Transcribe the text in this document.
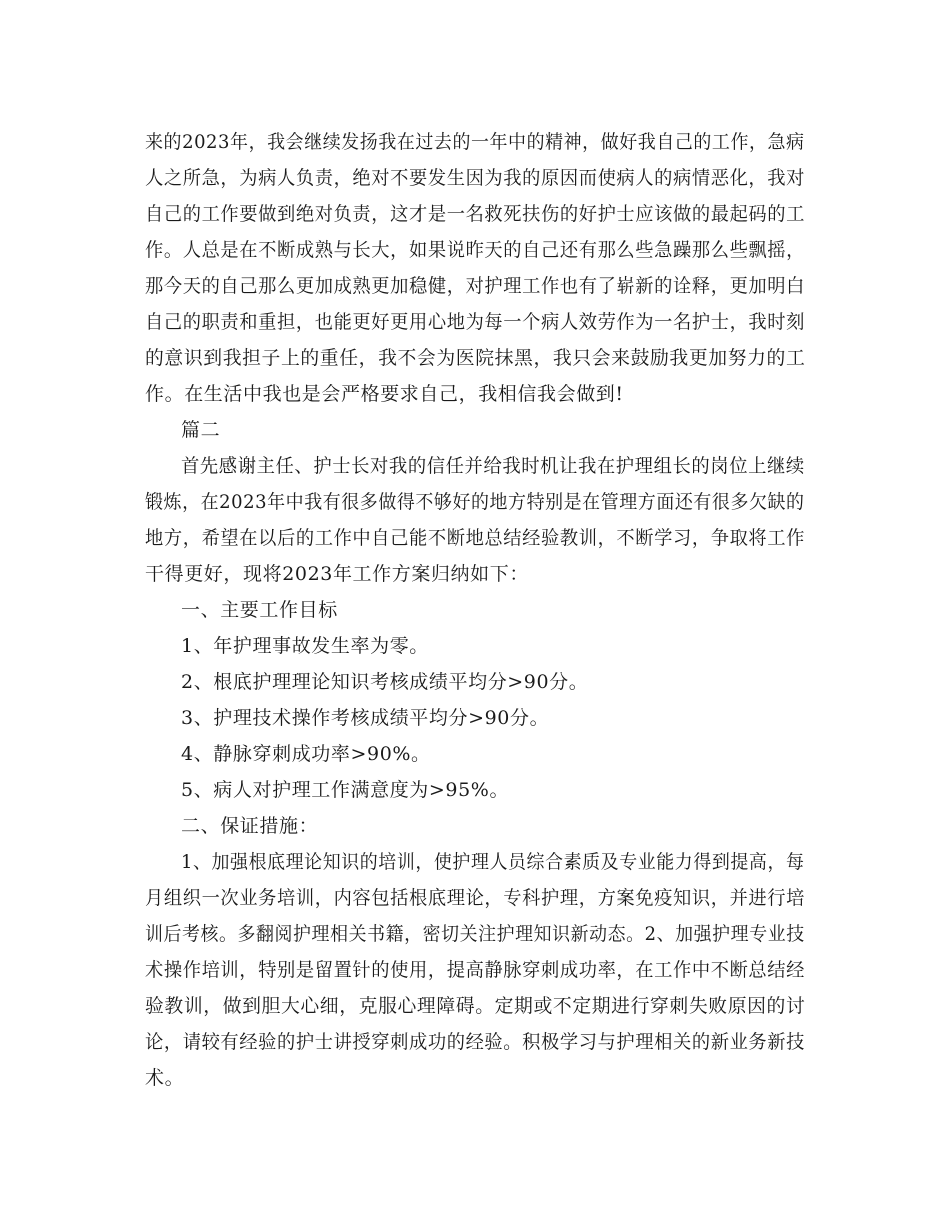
来的2023年，我会继续发扬我在过去的一年中的精神，做好我自己的工作，急病
人之所急，为病人负责，绝对不要发生因为我的原因而使病人的病情恶化，我对
自己的工作要做到绝对负责，这才是一名救死扶伤的好护士应该做的最起码的工
作。人总是在不断成熟与长大，如果说昨天的自己还有那么些急躁那么些飘摇，
那今天的自己那么更加成熟更加稳健，对护理工作也有了崭新的诠释，更加明白
自己的职责和重担，也能更好更用心地为每一个病人效劳作为一名护士，我时刻
的意识到我担子上的重任，我不会为医院抹黑，我只会来鼓励我更加努力的工
作。在生活中我也是会严格要求自己，我相信我会做到!
篇二
首先感谢主任、护士长对我的信任并给我时机让我在护理组长的岗位上继续
锻炼，在2023年中我有很多做得不够好的地方特别是在管理方面还有很多欠缺的
地方，希望在以后的工作中自己能不断地总结经验教训，不断学习，争取将工作
干得更好，现将2023年工作方案归纳如下：
一、主要工作目标
1、年护理事故发生率为零。
2、根底护理理论知识考核成绩平均分>90分。
3、护理技术操作考核成绩平均分>90分。
4、静脉穿刺成功率>90%。
5、病人对护理工作满意度为>95%。
二、保证措施：
1、加强根底理论知识的培训，使护理人员综合素质及专业能力得到提高，每
月组织一次业务培训，内容包括根底理论，专科护理，方案免疫知识，并进行培
训后考核。多翻阅护理相关书籍，密切关注护理知识新动态。2、加强护理专业技
术操作培训，特别是留置针的使用，提高静脉穿刺成功率，在工作中不断总结经
验教训，做到胆大心细，克服心理障碍。定期或不定期进行穿刺失败原因的讨
论，请较有经验的护士讲授穿刺成功的经验。积极学习与护理相关的新业务新技
术。
